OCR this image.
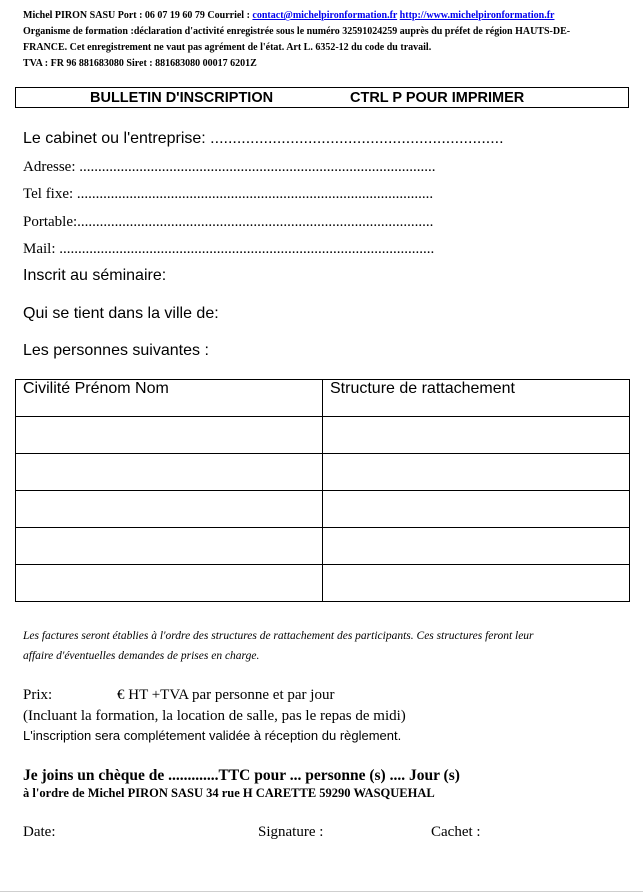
Michel PIRON SASU Port : 06 07 19 60 79 Courriel : contact@michelpironformation.fr http://www.michelpironformation.fr
Organisme de formation :déclaration d'activité enregistrée sous le numéro 32591024259 auprès du préfet de région HAUTS-DE-
FRANCE. Cet enregistrement ne vaut pas agrément de l'état. Art L. 6352-12 du code du travail.
TVA : FR 96 881683080 Siret : 881683080 00017 6201Z
BULLETIN D'INSCRIPTION	CTRL P POUR IMPRIMER
Le cabinet ou l'entreprise: ..................................................................
Adresse: ...............................................................................................
Tel fixe: ...............................................................................................
Portable:...............................................................................................
Mail: ....................................................................................................
Inscrit au séminaire:
Qui se tient dans la ville de:
Les personnes suivantes :
Civilité Prénom Nom	Structure de rattachement

Les factures seront établies à l'ordre des structures de rattachement des participants. Ces structures feront leur
affaire d'éventuelles demandes de prises en charge.
Prix:	€ HT +TVA par personne et par jour
(Incluant la formation, la location de salle, pas le repas de midi)
L'inscription sera complétement validée à réception du règlement.
Je joins un chèque de .............TTC pour ... personne (s) .... Jour (s)
à l'ordre de Michel PIRON SASU 34 rue H CARETTE 59290 WASQUEHAL
Date:	Signature :	Cachet :
